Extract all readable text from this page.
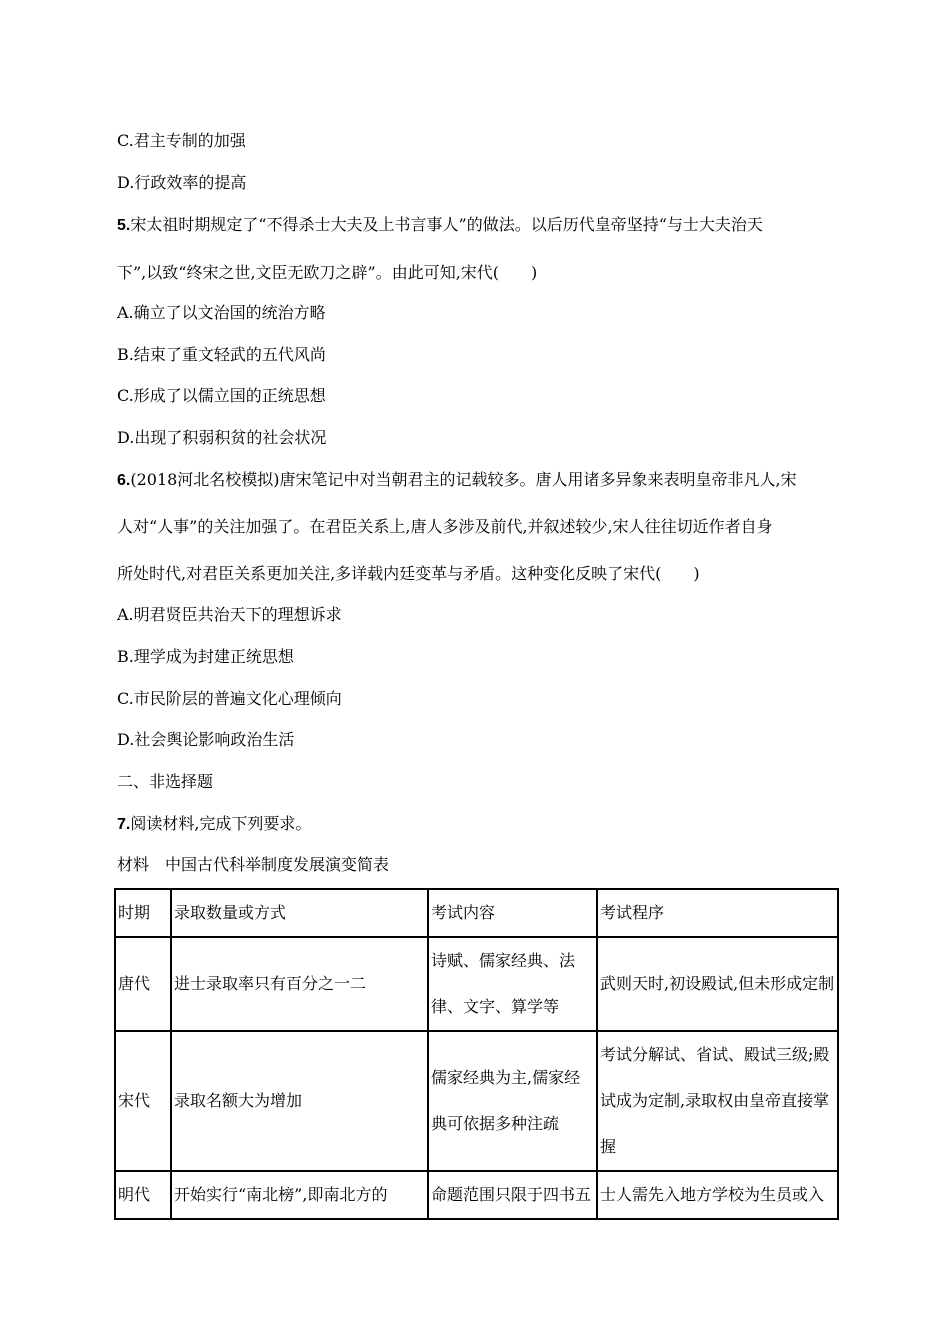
C.君主专制的加强
D.行政效率的提高
5.宋太祖时期规定了“不得杀士大夫及上书言事人”的做法。以后历代皇帝坚持“与士大夫治天
下”,以致“终宋之世,文臣无欧刀之辟”。由此可知,宋代(　　)
A.确立了以文治国的统治方略
B.结束了重文轻武的五代风尚
C.形成了以儒立国的正统思想
D.出现了积弱积贫的社会状况
6.(2018河北名校模拟)唐宋笔记中对当朝君主的记载较多。唐人用诸多异象来表明皇帝非凡人,宋
人对“人事”的关注加强了。在君臣关系上,唐人多涉及前代,并叙述较少,宋人往往切近作者自身
所处时代,对君臣关系更加关注,多详载内廷变革与矛盾。这种变化反映了宋代(　　)
A.明君贤臣共治天下的理想诉求
B.理学成为封建正统思想
C.市民阶层的普遍文化心理倾向
D.社会舆论影响政治生活
二、非选择题
7.阅读材料,完成下列要求。
材料　中国古代科举制度发展演变简表
时期	录取数量或方式	考试内容	考试程序
唐代	进士录取率只有百分之一二	诗赋、儒家经典、法律、文字、算学等	武则天时,初设殿试,但未形成定制
宋代	录取名额大为增加	儒家经典为主,儒家经典可依据多种注疏	考试分解试、省试、殿试三级;殿试成为定制,录取权由皇帝直接掌握
明代	开始实行“南北榜”,即南北方的	命题范围只限于四书五	士人需先入地方学校为生员或入
